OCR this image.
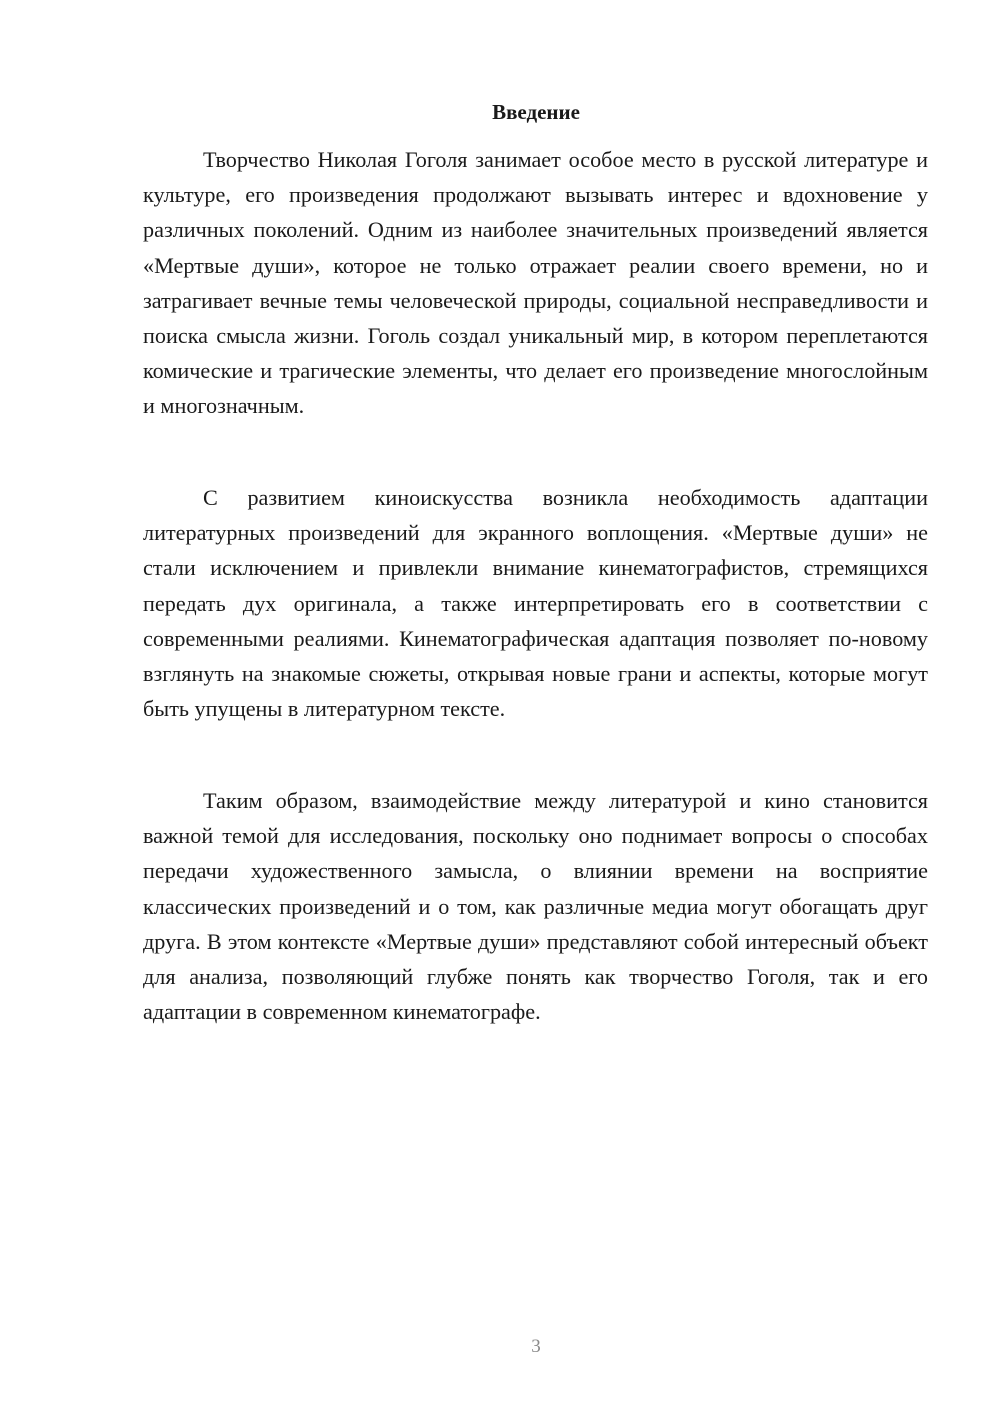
Введение

Творчество Николая Гоголя занимает особое место в русской литературе и культуре, его произведения продолжают вызывать интерес и вдохновение у различных поколений. Одним из наиболее значительных произведений является «Мертвые души», которое не только отражает реалии своего времени, но и затрагивает вечные темы человеческой природы, социальной несправедливости и поиска смысла жизни. Гоголь создал уникальный мир, в котором переплетаются комические и трагические элементы, что делает его произведение многослойным и многозначным.

С развитием киноискусства возникла необходимость адаптации литературных произведений для экранного воплощения. «Мертвые души» не стали исключением и привлекли внимание кинематографистов, стремящихся передать дух оригинала, а также интерпретировать его в соответствии с современными реалиями. Кинематографическая адаптация позволяет по-новому взглянуть на знакомые сюжеты, открывая новые грани и аспекты, которые могут быть упущены в литературном тексте.

Таким образом, взаимодействие между литературой и кино становится важной темой для исследования, поскольку оно поднимает вопросы о способах передачи художественного замысла, о влиянии времени на восприятие классических произведений и о том, как различные медиа могут обогащать друг друга. В этом контексте «Мертвые души» представляют собой интересный объект для анализа, позволяющий глубже понять как творчество Гоголя, так и его адаптации в современном кинематографе.

3
